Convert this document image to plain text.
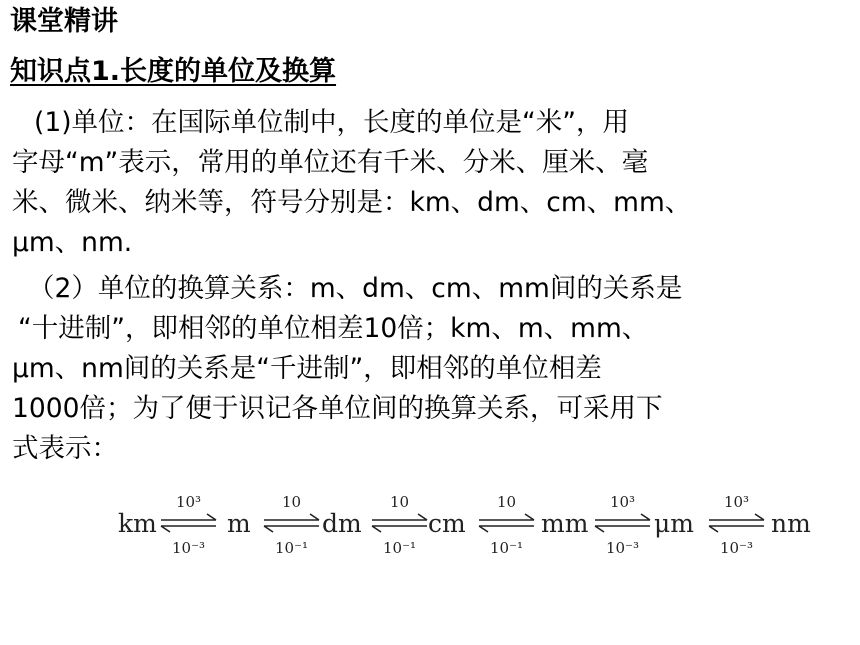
课堂精讲
知识点1.长度的单位及换算
(1)单位：在国际单位制中，长度的单位是“米”，用
字母“m”表示，常用的单位还有千米、分米、厘米、毫
米、微米、纳米等，符号分别是：km、dm、cm、mm、
μm、nm.
（2）单位的换算关系：m、dm、cm、mm间的关系是
“十进制”，即相邻的单位相差10倍；km、m、mm、
μm、nm间的关系是“千进制”，即相邻的单位相差
1000倍；为了便于识记各单位间的换算关系，可采用下
式表示：
km	m	dm	cm	mm	μm	nm
10³
10⁻³
10
10⁻¹
10
10⁻¹
10
10⁻¹
10³
10⁻³
10³
10⁻³
